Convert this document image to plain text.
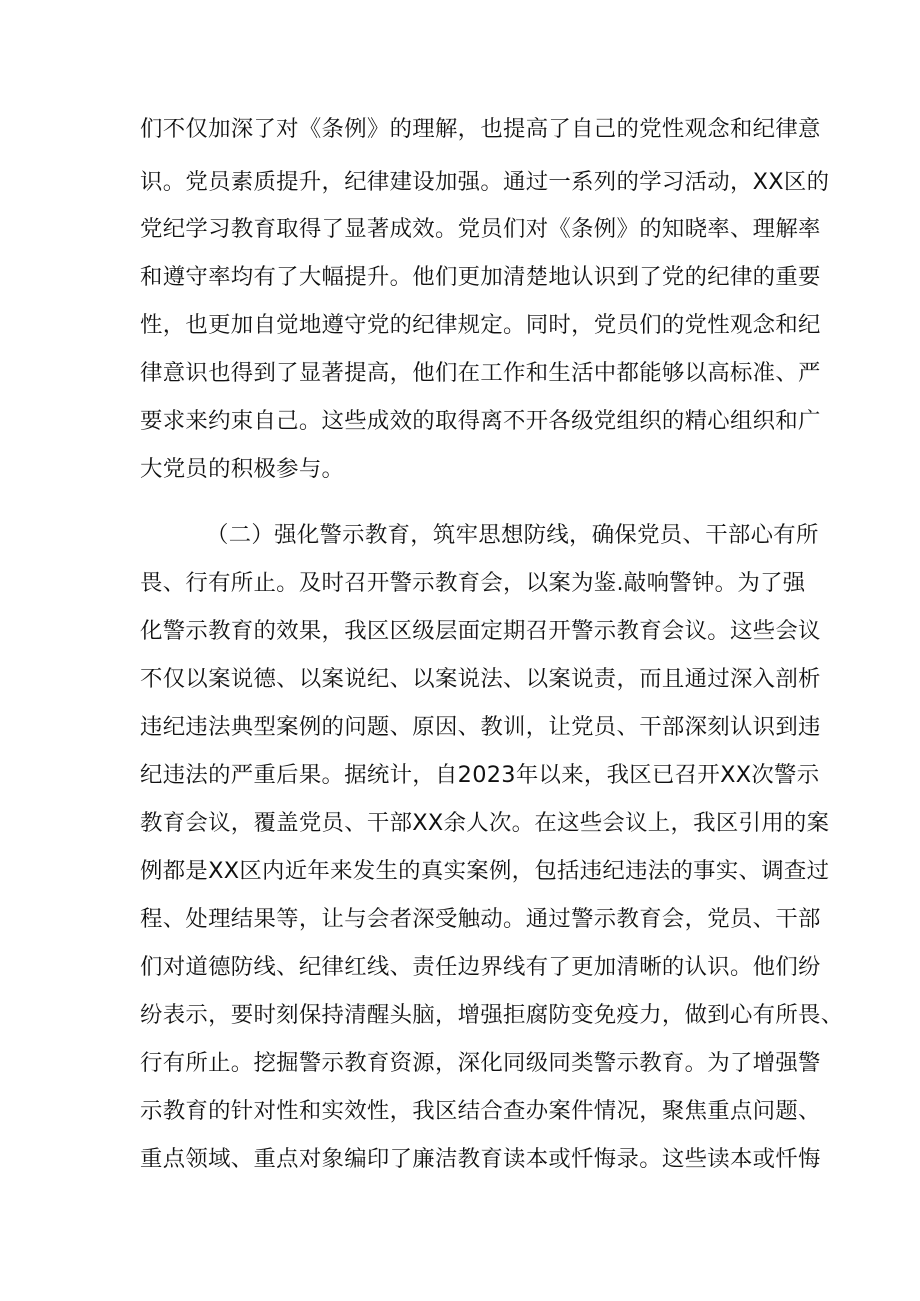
们不仅加深了对《条例》的理解，也提高了自己的党性观念和纪律意
识。党员素质提升，纪律建设加强。通过一系列的学习活动，XX区的
党纪学习教育取得了显著成效。党员们对《条例》的知晓率、理解率
和遵守率均有了大幅提升。他们更加清楚地认识到了党的纪律的重要
性，也更加自觉地遵守党的纪律规定。同时，党员们的党性观念和纪
律意识也得到了显著提高，他们在工作和生活中都能够以高标准、严
要求来约束自己。这些成效的取得离不开各级党组织的精心组织和广
大党员的积极参与。
（二）强化警示教育，筑牢思想防线，确保党员、干部心有所
畏、行有所止。及时召开警示教育会，以案为鉴.敲响警钟。为了强
化警示教育的效果，我区区级层面定期召开警示教育会议。这些会议
不仅以案说德、以案说纪、以案说法、以案说责，而且通过深入剖析
违纪违法典型案例的问题、原因、教训，让党员、干部深刻认识到违
纪违法的严重后果。据统计，自2023年以来，我区已召开XX次警示
教育会议，覆盖党员、干部XX余人次。在这些会议上，我区引用的案
例都是XX区内近年来发生的真实案例，包括违纪违法的事实、调查过
程、处理结果等，让与会者深受触动。通过警示教育会，党员、干部
们对道德防线、纪律红线、责任边界线有了更加清晰的认识。他们纷
纷表示，要时刻保持清醒头脑，增强拒腐防变免疫力，做到心有所畏、
行有所止。挖掘警示教育资源，深化同级同类警示教育。为了增强警
示教育的针对性和实效性，我区结合查办案件情况，聚焦重点问题、
重点领域、重点对象编印了廉洁教育读本或忏悔录。这些读本或忏悔
